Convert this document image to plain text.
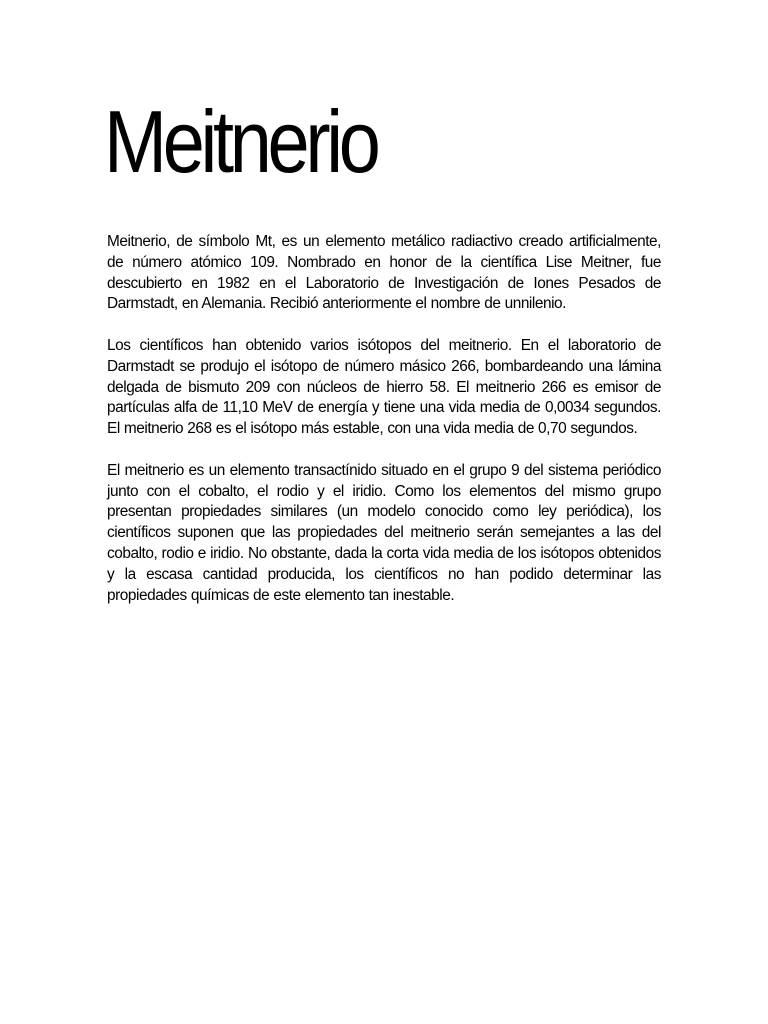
Meitnerio

Meitnerio, de símbolo Mt, es un elemento metálico radiactivo creado artificialmente, de número atómico 109. Nombrado en honor de la científica Lise Meitner, fue descubierto en 1982 en el Laboratorio de Investigación de Iones Pesados de Darmstadt, en Alemania. Recibió anteriormente el nombre de unnilenio.

Los científicos han obtenido varios isótopos del meitnerio. En el laboratorio de Darmstadt se produjo el isótopo de número másico 266, bombardeando una lámina delgada de bismuto 209 con núcleos de hierro 58. El meitnerio 266 es emisor de partículas alfa de 11,10 MeV de energía y tiene una vida media de 0,0034 segundos. El meitnerio 268 es el isótopo más estable, con una vida media de 0,70 segundos.

El meitnerio es un elemento transactínido situado en el grupo 9 del sistema periódico junto con el cobalto, el rodio y el iridio. Como los elementos del mismo grupo presentan propiedades similares (un modelo conocido como ley periódica), los científicos suponen que las propiedades del meitnerio serán semejantes a las del cobalto, rodio e iridio. No obstante, dada la corta vida media de los isótopos obtenidos y la escasa cantidad producida, los científicos no han podido determinar las propiedades químicas de este elemento tan inestable.
